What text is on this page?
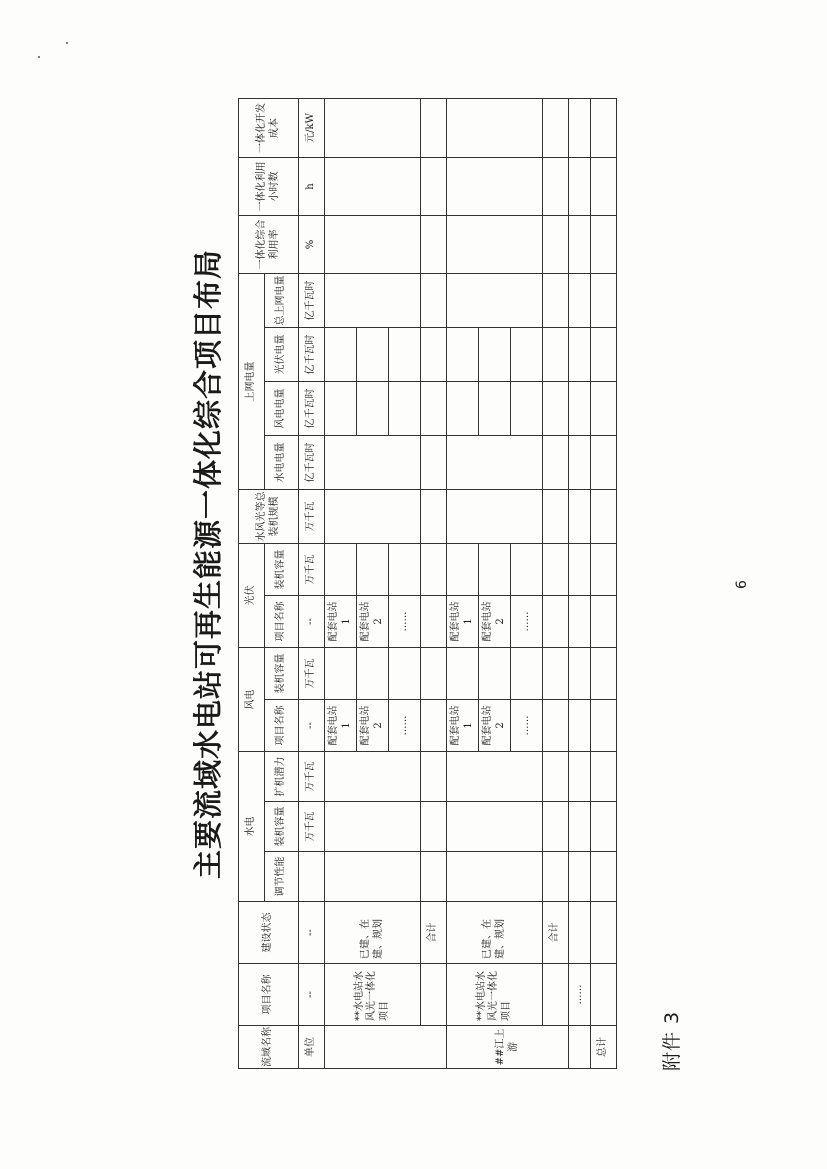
附件 3
主要流域水电站可再生能源一体化综合项目布局	6
流域名称	项目名称	建设状态	水电			风电		光伏		水风光等总装机规模	上网电量				一体化综合利用率	一体化利用小时数	一体化开发成本
			调节性能	装机容量	扩机潜力	项目名称	装机容量	项目名称	装机容量		水电电量	风电电量	光伏电量	总上网电量			

单位	--	--		万千瓦	万千瓦	--	万千瓦	--	万千瓦	万千瓦	亿千瓦时	亿千瓦时	亿千瓦时	亿千瓦时	%	h	元/kW
	**水电站水风光一体化项目	已建、在建、规划				配套电站 1		配套电站 1									
						配套电站 2		配套电站 2									
						……		……									
		合计															
##江上游	**水电站水风光一体化项目	已建、在建、规划				配套电站 1		配套电站 1									
						配套电站 2		配套电站 2									
						……		……									
		合计															
	……																
总计																	
